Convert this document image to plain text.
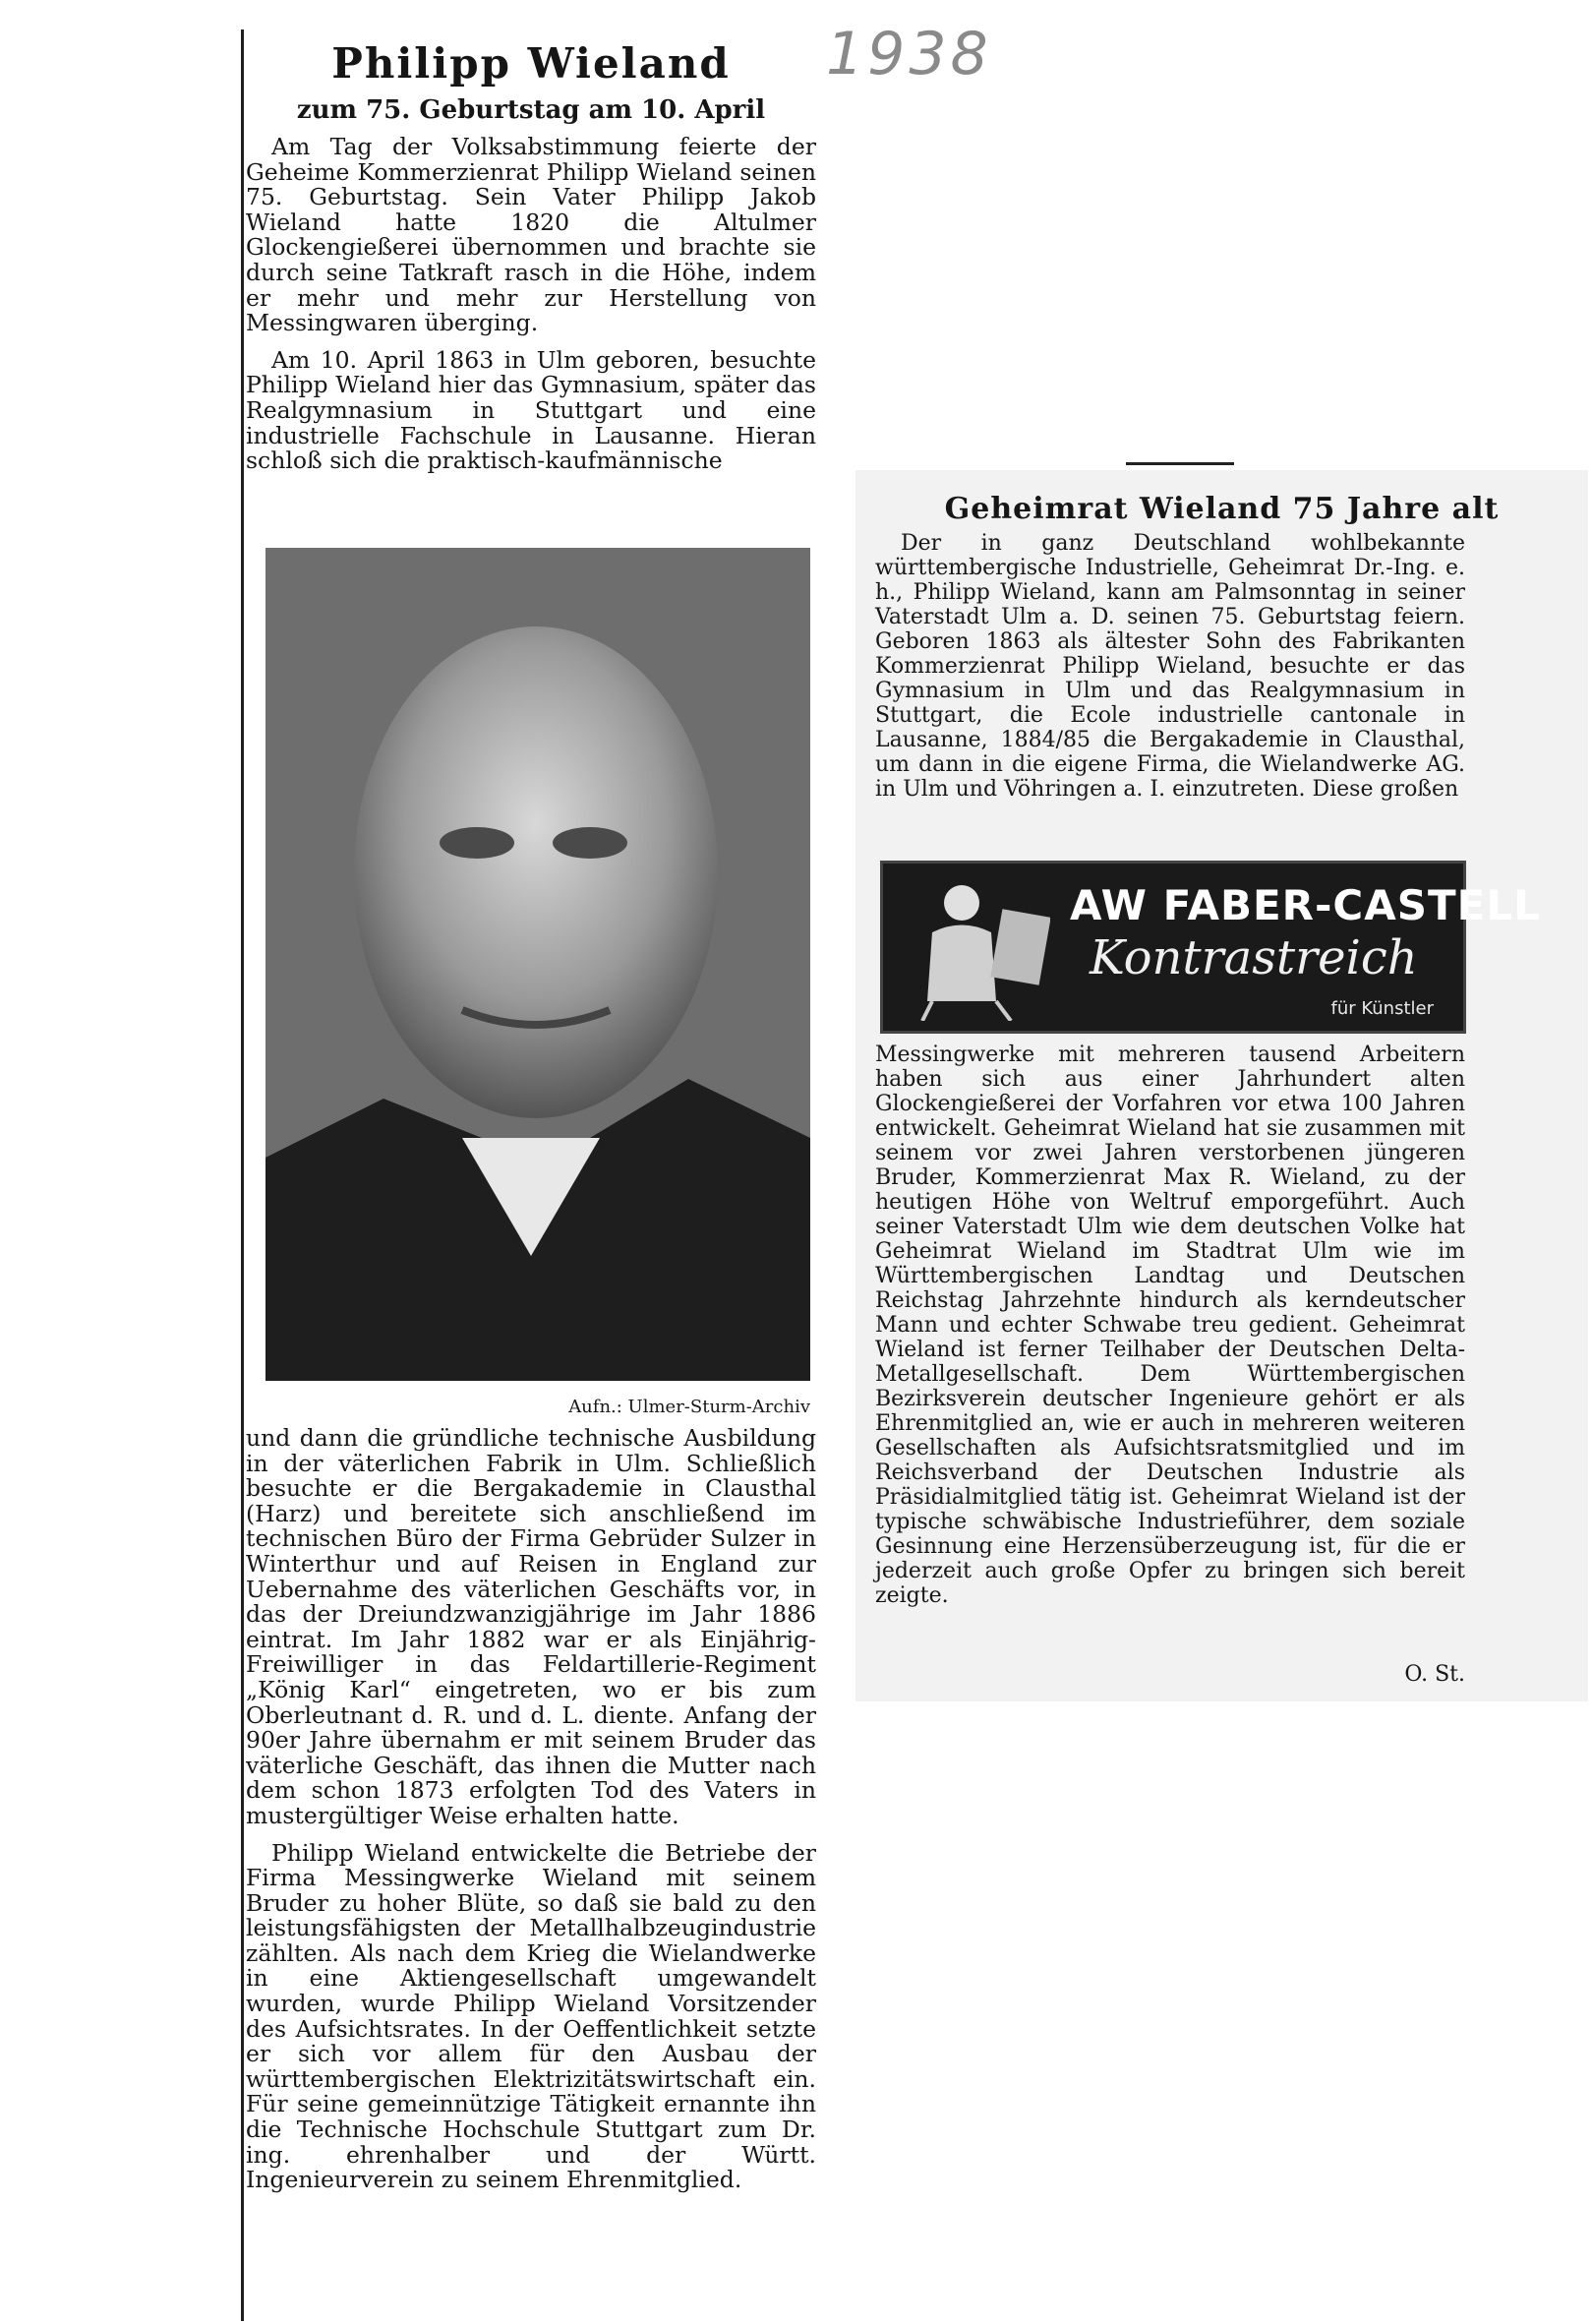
1938
Philipp Wieland
zum 75. Geburtstag am 10. April

Am Tag der Volksabstimmung feierte der Geheime Kommerzienrat Philipp Wieland seinen 75. Geburtstag. Sein Vater Philipp Jakob Wieland hatte 1820 die Altulmer Glockengießerei übernommen und brachte sie durch seine Tatkraft rasch in die Höhe, indem er mehr und mehr zur Herstellung von Messingwaren überging.

Am 10. April 1863 in Ulm geboren, besuchte Philipp Wieland hier das Gymnasium, später das Realgymnasium in Stuttgart und eine industrielle Fachschule in Lausanne. Hieran schloß sich die praktisch-kaufmännische

Aufn.: Ulmer-Sturm-Archiv

und dann die gründliche technische Ausbildung in der väterlichen Fabrik in Ulm. Schließlich besuchte er die Bergakademie in Clausthal (Harz) und bereitete sich anschließend im technischen Büro der Firma Gebrüder Sulzer in Winterthur und auf Reisen in England zur Uebernahme des väterlichen Geschäfts vor, in das der Dreiundzwanzigjährige im Jahr 1886 eintrat. Im Jahr 1882 war er als Einjährig-Freiwilliger in das Feldartillerie-Regiment „König Karl“ eingetreten, wo er bis zum Oberleutnant d. R. und d. L. diente. Anfang der 90er Jahre übernahm er mit seinem Bruder das väterliche Geschäft, das ihnen die Mutter nach dem schon 1873 erfolgten Tod des Vaters in mustergültiger Weise erhalten hatte.

Philipp Wieland entwickelte die Betriebe der Firma Messingwerke Wieland mit seinem Bruder zu hoher Blüte, so daß sie bald zu den leistungsfähigsten der Metallhalbzeugindustrie zählten. Als nach dem Krieg die Wielandwerke in eine Aktiengesellschaft umgewandelt wurden, wurde Philipp Wieland Vorsitzender des Aufsichtsrates. In der Oeffentlichkeit setzte er sich vor allem für den Ausbau der württembergischen Elektrizitätswirtschaft ein. Für seine gemeinnützige Tätigkeit ernannte ihn die Technische Hochschule Stuttgart zum Dr. ing. ehrenhalber und der Württ. Ingenieurverein zu seinem Ehrenmitglied.

Geheimrat Wieland 75 Jahre alt

Der in ganz Deutschland wohlbekannte württembergische Industrielle, Geheimrat Dr.-Ing. e. h., Philipp Wieland, kann am Palmsonntag in seiner Vaterstadt Ulm a. D. seinen 75. Geburtstag feiern. Geboren 1863 als ältester Sohn des Fabrikanten Kommerzienrat Philipp Wieland, besuchte er das Gymnasium in Ulm und das Realgymnasium in Stuttgart, die Ecole industrielle cantonale in Lausanne, 1884/85 die Bergakademie in Clausthal, um dann in die eigene Firma, die Wielandwerke AG. in Ulm und Vöhringen a. I. einzutreten. Diese großen

AW FABER-CASTELL
Kontrastreich
für Künstler

Messingwerke mit mehreren tausend Arbeitern haben sich aus einer Jahrhundert alten Glockengießerei der Vorfahren vor etwa 100 Jahren entwickelt. Geheimrat Wieland hat sie zusammen mit seinem vor zwei Jahren verstorbenen jüngeren Bruder, Kommerzienrat Max R. Wieland, zu der heutigen Höhe von Weltruf emporgeführt. Auch seiner Vaterstadt Ulm wie dem deutschen Volke hat Geheimrat Wieland im Stadtrat Ulm wie im Württembergischen Landtag und Deutschen Reichstag Jahrzehnte hindurch als kerndeutscher Mann und echter Schwabe treu gedient. Geheimrat Wieland ist ferner Teilhaber der Deutschen Delta-Metallgesellschaft. Dem Württembergischen Bezirksverein deutscher Ingenieure gehört er als Ehrenmitglied an, wie er auch in mehreren weiteren Gesellschaften als Aufsichtsratsmitglied und im Reichsverband der Deutschen Industrie als Präsidialmitglied tätig ist. Geheimrat Wieland ist der typische schwäbische Industrieführer, dem soziale Gesinnung eine Herzensüberzeugung ist, für die er jederzeit auch große Opfer zu bringen sich bereit zeigte.

O. St.
